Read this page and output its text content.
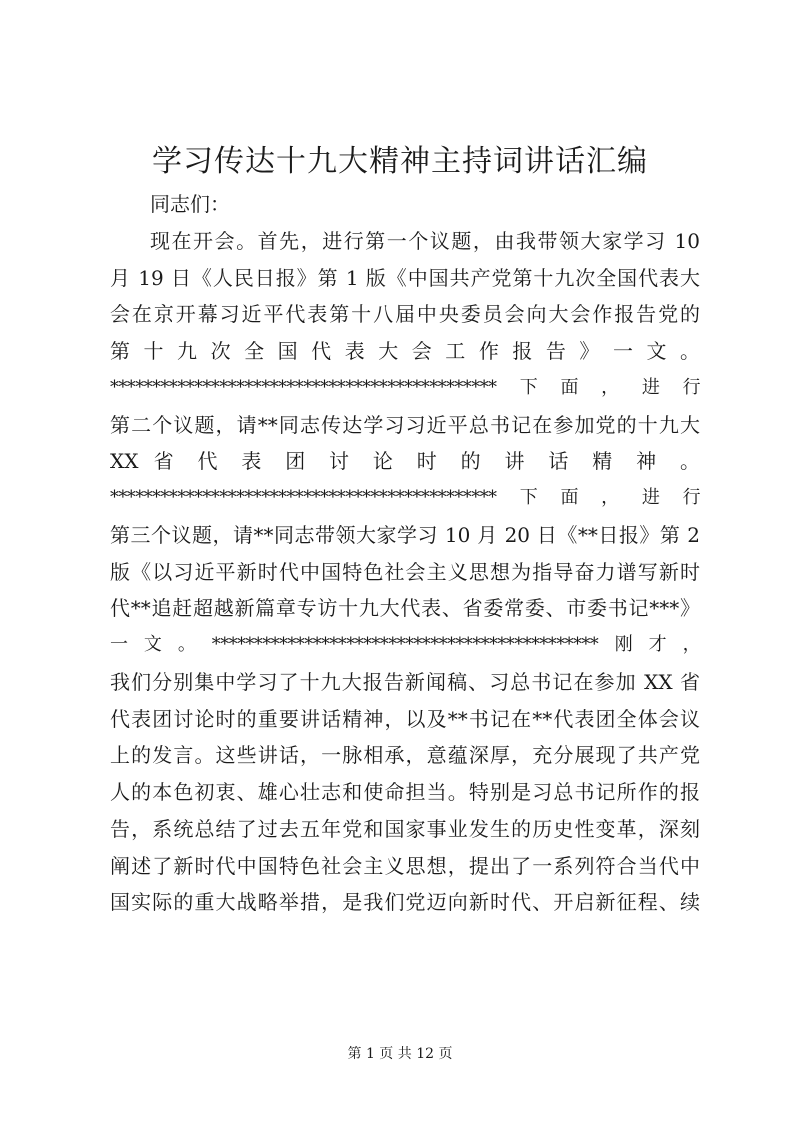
学习传达十九大精神主持词讲话汇编
同志们：
现在开会。首先，进行第一个议题，由我带领大家学习 10
月 19 日《人民日报》第 1 版《中国共产党第十九次全国代表大
会在京开幕习近平代表第十八届中央委员会向大会作报告党的
第 十 九 次 全 国 代 表 大 会 工 作 报 告 》 一 文 。
**********************************************下面，进行
第二个议题，请**同志传达学习习近平总书记在参加党的十九大
XX 省 代 表 团 讨 论 时 的 讲 话 精 神 。
**********************************************下面，进行
第三个议题，请**同志带领大家学习 10 月 20 日《**日报》第 2
版《以习近平新时代中国特色社会主义思想为指导奋力谱写新时
代**追赶超越新篇章专访十九大代表、省委常委、市委书记***》
一文。**********************************************刚才，
我们分别集中学习了十九大报告新闻稿、习总书记在参加 XX 省
代表团讨论时的重要讲话精神，以及**书记在**代表团全体会议
上的发言。这些讲话，一脉相承，意蕴深厚，充分展现了共产党
人的本色初衷、雄心壮志和使命担当。特别是习总书记所作的报
告，系统总结了过去五年党和国家事业发生的历史性变革，深刻
阐述了新时代中国特色社会主义思想，提出了一系列符合当代中
国实际的重大战略举措，是我们党迈向新时代、开启新征程、续
第 1 页 共 12 页
